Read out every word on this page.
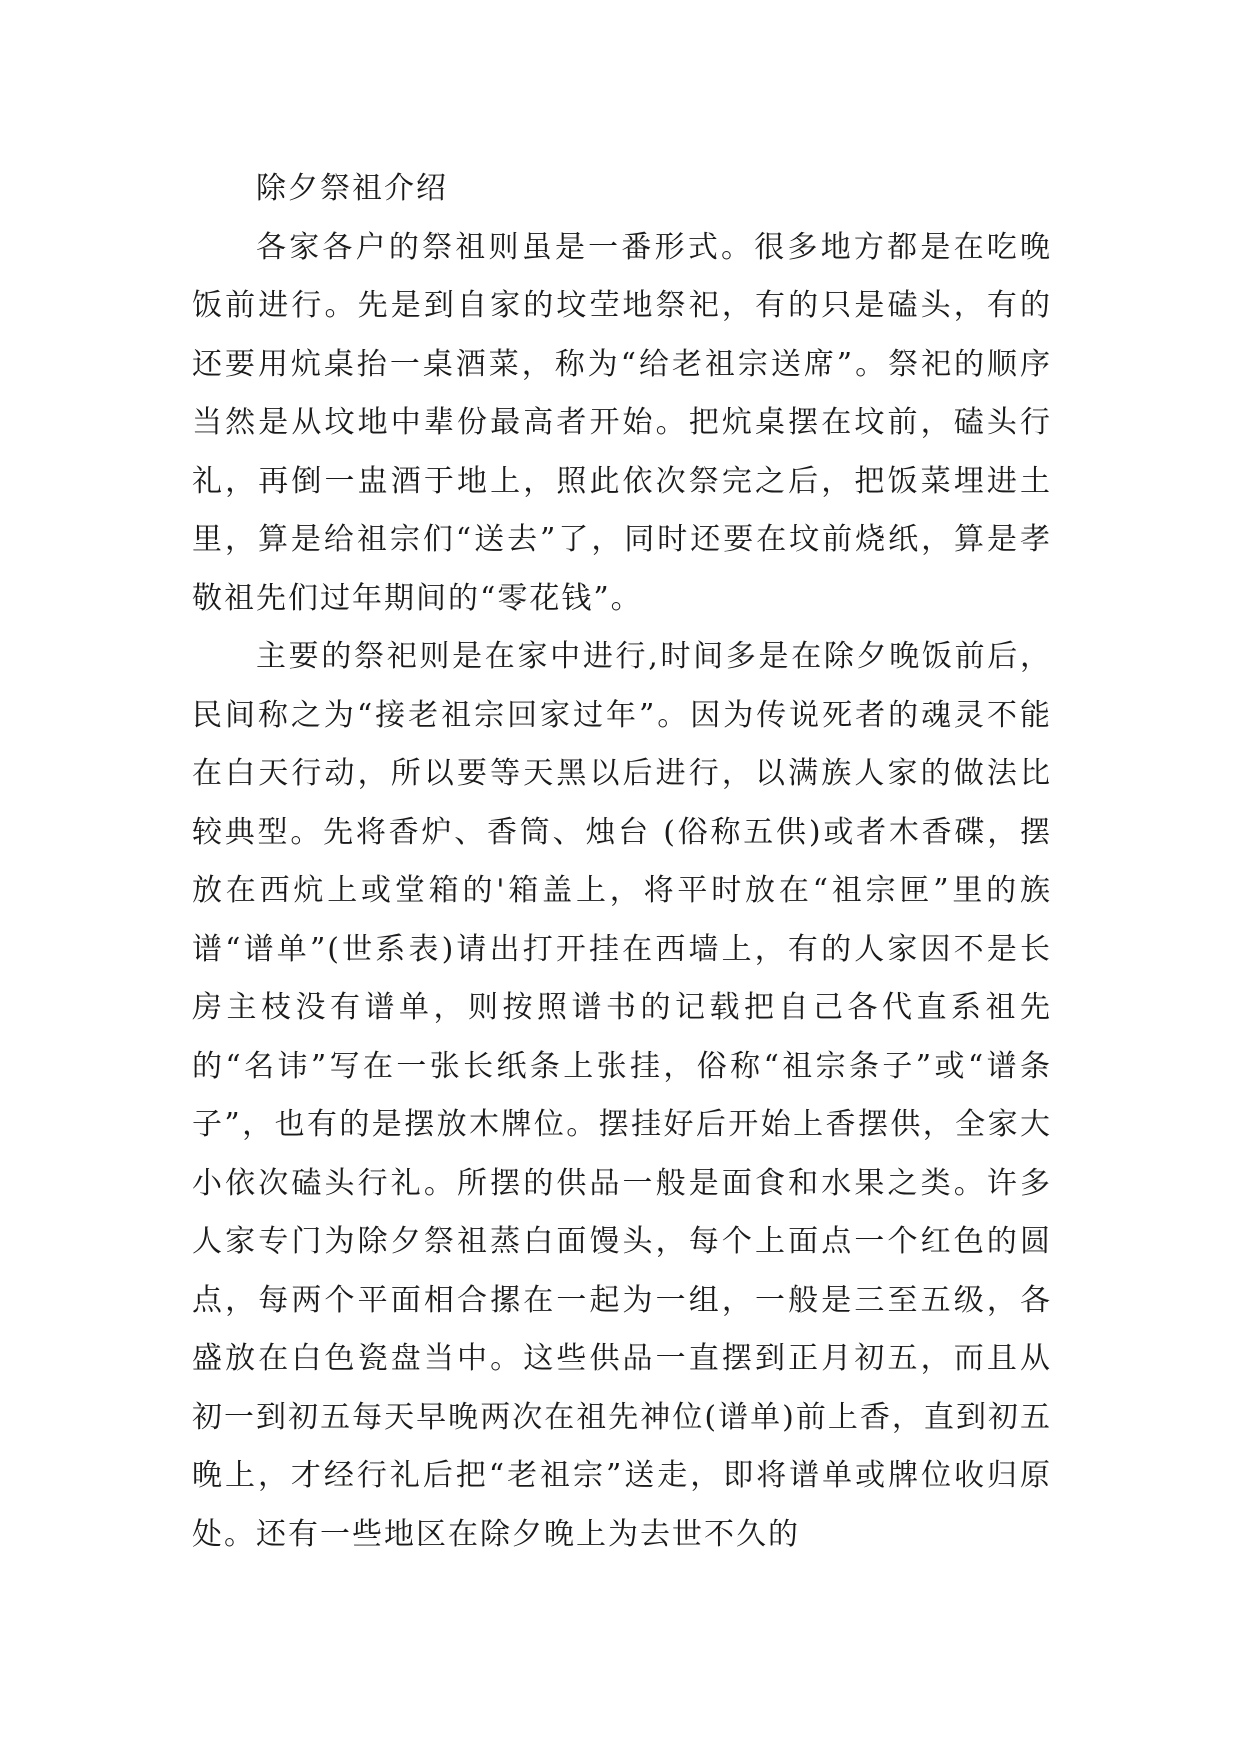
除夕祭祖介绍

各家各户的祭祖则虽是一番形式。很多地方都是在吃晚饭前进行。先是到自家的坟茔地祭祀，有的只是磕头，有的还要用炕桌抬一桌酒菜，称为“给老祖宗送席”。祭祀的顺序当然是从坟地中辈份最高者开始。把炕桌摆在坟前，磕头行礼，再倒一盅酒于地上，照此依次祭完之后，把饭菜埋进土里，算是给祖宗们“送去”了，同时还要在坟前烧纸，算是孝敬祖先们过年期间的“零花钱”。

主要的祭祀则是在家中进行,时间多是在除夕晚饭前后，民间称之为“接老祖宗回家过年”。因为传说死者的魂灵不能在白天行动，所以要等天黑以后进行，以满族人家的做法比较典型。先将香炉、香筒、烛台 (俗称五供)或者木香碟，摆放在西炕上或堂箱的'箱盖上，将平时放在“祖宗匣”里的族谱“谱单”(世系表)请出打开挂在西墙上，有的人家因不是长房主枝没有谱单，则按照谱书的记载把自己各代直系祖先的“名讳”写在一张长纸条上张挂，俗称“祖宗条子”或“谱条子”，也有的是摆放木牌位。摆挂好后开始上香摆供，全家大小依次磕头行礼。所摆的供品一般是面食和水果之类。许多人家专门为除夕祭祖蒸白面馒头，每个上面点一个红色的圆点，每两个平面相合摞在一起为一组，一般是三至五级，各盛放在白色瓷盘当中。这些供品一直摆到正月初五，而且从初一到初五每天早晚两次在祖先神位(谱单)前上香，直到初五晚上，才经行礼后把“老祖宗”送走，即将谱单或牌位收归原处。还有一些地区在除夕晚上为去世不久的
